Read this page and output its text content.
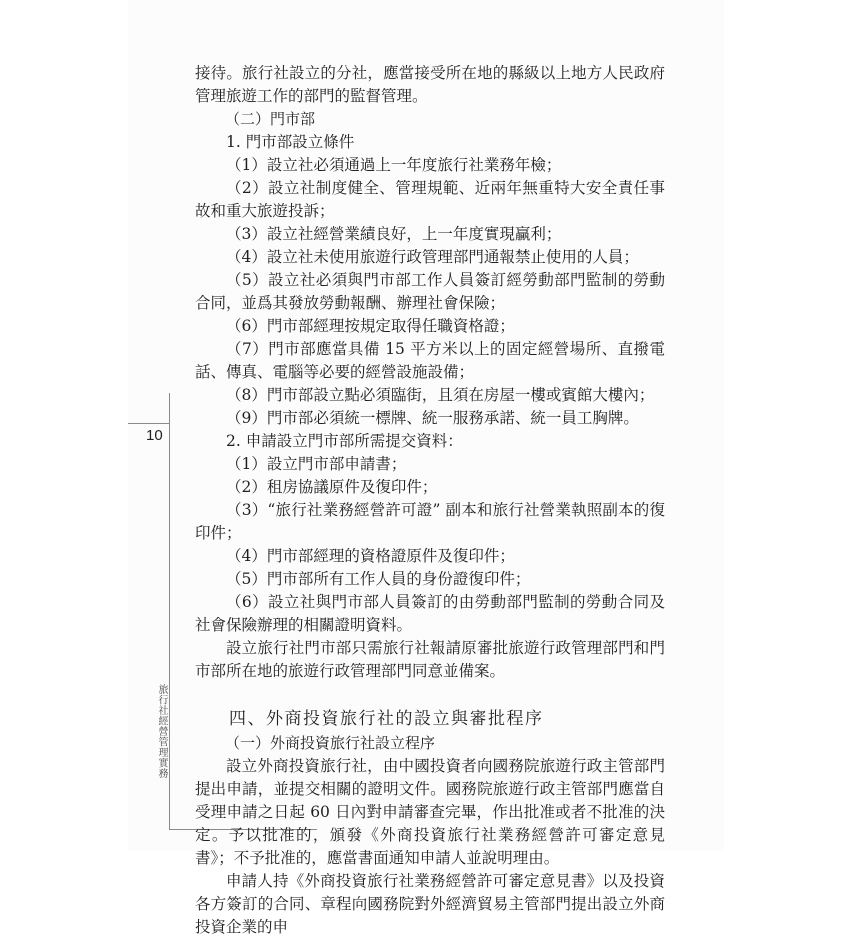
10
旅行社經營管理實務

接待。旅行社設立的分社，應當接受所在地的縣級以上地方人民政府管理旅遊工作的部門的監督管理。

（二）門市部

1. 門市部設立條件

（1）設立社必須通過上一年度旅行社業務年檢；

（2）設立社制度健全、管理規範、近兩年無重特大安全責任事故和重大旅遊投訴；

（3）設立社經營業績良好，上一年度實現贏利；

（4）設立社未使用旅遊行政管理部門通報禁止使用的人員；

（5）設立社必須與門市部工作人員簽訂經勞動部門監制的勞動合同，並爲其發放勞動報酬、辦理社會保險；

（6）門市部經理按規定取得任職資格證；

（7）門市部應當具備 15 平方米以上的固定經營場所、直撥電話、傳真、電腦等必要的經營設施設備；

（8）門市部設立點必須臨街，且須在房屋一樓或賓館大樓內；

（9）門市部必須統一標牌、統一服務承諾、統一員工胸牌。

2. 申請設立門市部所需提交資料：

（1）設立門市部申請書；

（2）租房協議原件及復印件；

（3）“旅行社業務經營許可證” 副本和旅行社營業執照副本的復印件；

（4）門市部經理的資格證原件及復印件；

（5）門市部所有工作人員的身份證復印件；

（6）設立社與門市部人員簽訂的由勞動部門監制的勞動合同及社會保險辦理的相關證明資料。

設立旅行社門市部只需旅行社報請原審批旅遊行政管理部門和門市部所在地的旅遊行政管理部門同意並備案。

四、外商投資旅行社的設立與審批程序

（一）外商投資旅行社設立程序

設立外商投資旅行社，由中國投資者向國務院旅遊行政主管部門提出申請，並提交相關的證明文件。國務院旅遊行政主管部門應當自受理申請之日起 60 日內對申請審查完畢，作出批准或者不批准的決定。予以批准的，頒發《外商投資旅行社業務經營許可審定意見書》；不予批准的，應當書面通知申請人並說明理由。

申請人持《外商投資旅行社業務經營許可審定意見書》以及投資各方簽訂的合同、章程向國務院對外經濟貿易主管部門提出設立外商投資企業的申
